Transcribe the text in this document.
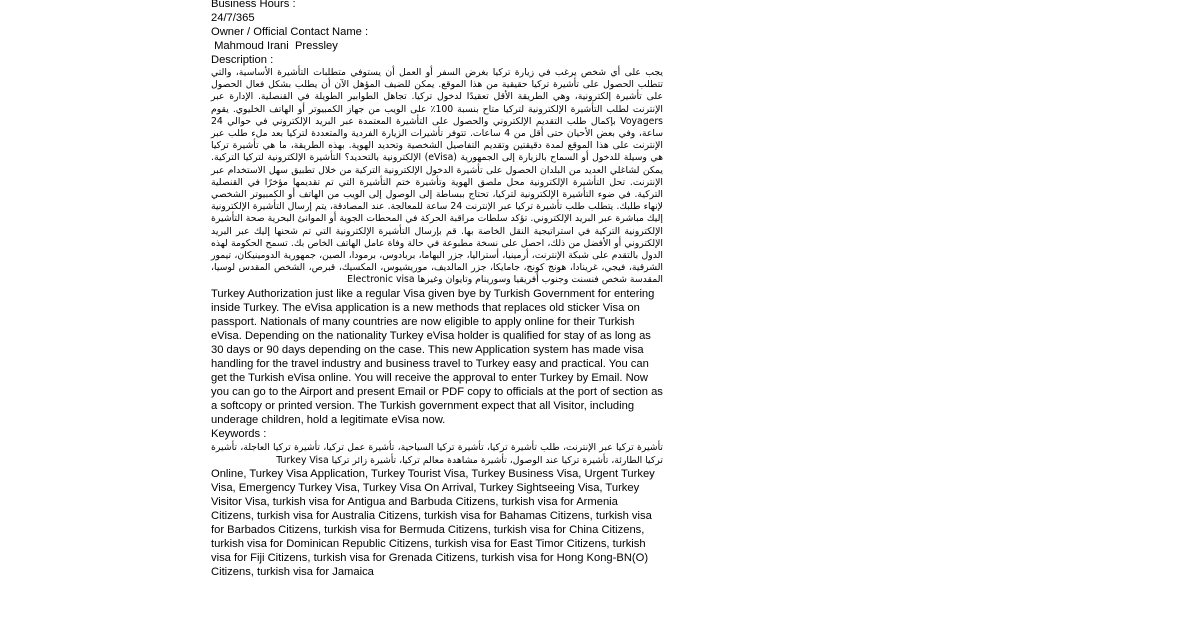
Business Hours :
24/7/365
Owner / Official Contact Name :
Mahmoud Irani  Pressley
Description :
يجب على أي شخص يرغب في زيارة تركيا بغرض السفر أو العمل أن يستوفي متطلبات التأشيرة الأساسية، والتي تتطلب الحصول على تأشيرة تركيا حقيقية من هذا الموقع. يمكن للضيف المؤهل الآن أن يطلب بشكل فعال الحصول على تأشيرة إلكترونية، وهي الطريقة الأقل تعقيدًا لدخول تركيا. تجاهل الطوابير الطويلة في القنصلية. الإدارة عبر الإنترنت لطلب التأشيرة الإلكترونية لتركيا متاح بنسبة 100٪ على الويب من جهاز الكمبيوتر أو الهاتف الخليوي. يقوم Voyagers بإكمال طلب التقديم الإلكتروني والحصول على التأشيرة المعتمدة عبر البريد الإلكتروني في حوالي 24 ساعة، وفي بعض الأحيان حتى أقل من 4 ساعات. تتوفر تأشيرات الزيارة الفردية والمتعددة لتركيا بعد ملء طلب عبر الإنترنت على هذا الموقع لمدة دقيقتين وتقديم التفاصيل الشخصية وتحديد الهوية. بهذه الطريقة، ما هي تأشيرة تركيا هي وسيلة للدخول أو السماح بالزيارة إلى الجمهورية (eVisa) الإلكترونية بالتحديد؟ التأشيرة الإلكترونية لتركيا التركية. يمكن لشاغلي العديد من البلدان الحصول على تأشيرة الدخول الإلكترونية التركية من خلال تطبيق سهل الاستخدام عبر الإنترنت. تحل التأشيرة الإلكترونية محل ملصق الهوية وتأشيرة ختم التأشيرة التي تم تقديمها مؤخرًا في القنصلية التركية. في ضوء التأشيرة الإلكترونية لتركيا، تحتاج ببساطة إلى الوصول إلى الويب من الهاتف أو الكمبيوتر الشخصي لإنهاء طلبك. يتطلب طلب تأشيرة تركيا عبر الإنترنت 24 ساعة للمعالجة. عند المصادقة، يتم إرسال التأشيرة الإلكترونية إليك مباشرة عبر البريد الإلكتروني. تؤكد سلطات مراقبة الحركة في المحطات الجوية أو الموانئ البحرية صحة التأشيرة الإلكترونية التركية في استراتيجية النقل الخاصة بها. قم بإرسال التأشيرة الإلكترونية التي تم شحنها إليك عبر البريد الإلكتروني أو الأفضل من ذلك، احصل على نسخة مطبوعة في حالة وفاة عامل الهاتف الخاص بك. تسمح الحكومة لهذه الدول بالتقدم على شبكة الإنترنت، أرمينيا، أستراليا، جزر البهاما، بربادوس، برمودا، الصين، جمهورية الدومينيكان، تيمور الشرقية، فيجي، غرينادا، هونج كونج، جامايكا، جزر المالديف، موريشيوس، المكسيك، قبرص، الشخص المقدس لوسيا، المقدسة شخص فنسنت وجنوب أفريقيا وسورينام وتايوان وغيرها Electronic visa
Turkey Authorization just like a regular Visa given bye by Turkish Government for entering inside Turkey. The eVisa application is a new methods that replaces old sticker Visa on passport. Nationals of many countries are now eligible to apply online for their Turkish eVisa. Depending on the nationality Turkey eVisa holder is qualified for stay of as long as 30 days or 90 days depending on the case. This new Application system has made visa handling for the travel industry and business travel to Turkey easy and practical. You can get the Turkish eVisa online. You will receive the approval to enter Turkey by Email. Now you can go to the Airport and present Email or PDF copy to officials at the port of section as a softcopy or printed version. The Turkish government expect that all Visitor, including underage children, hold a legitimate eVisa now.
Keywords :
تأشيرة تركيا عبر الإنترنت، طلب تأشيرة تركيا، تأشيرة تركيا السياحية، تأشيرة عمل تركيا، تأشيرة تركيا العاجلة، تأشيرة تركيا الطارئة، تأشيرة تركيا عند الوصول، تأشيرة مشاهدة معالم تركيا، تأشيرة زائر تركيا Turkey Visa
Online, Turkey Visa Application, Turkey Tourist Visa, Turkey Business Visa, Urgent Turkey Visa, Emergency Turkey Visa, Turkey Visa On Arrival, Turkey Sightseeing Visa, Turkey Visitor Visa, turkish visa for Antigua and Barbuda Citizens, turkish visa for Armenia Citizens, turkish visa for Australia Citizens, turkish visa for Bahamas Citizens, turkish visa for Barbados Citizens, turkish visa for Bermuda Citizens, turkish visa for China Citizens, turkish visa for Dominican Republic Citizens, turkish visa for East Timor Citizens, turkish visa for Fiji Citizens, turkish visa for Grenada Citizens, turkish visa for Hong Kong-BN(O) Citizens, turkish visa for Jamaica
